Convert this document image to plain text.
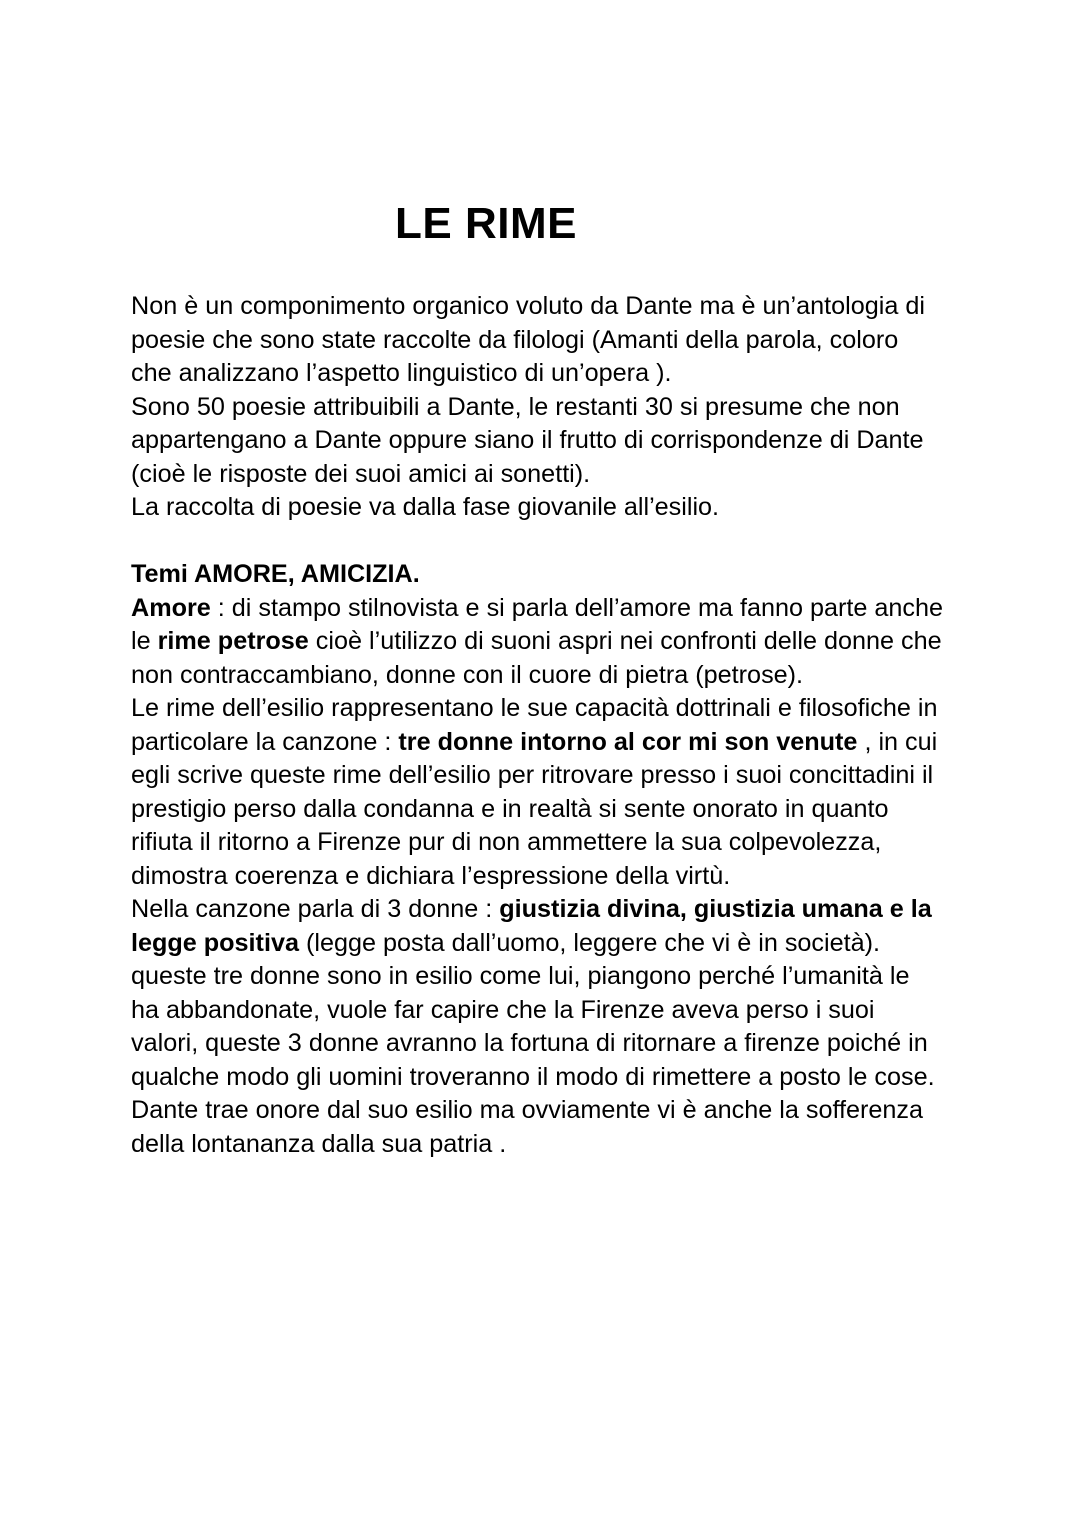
LE RIME
Non è un componimento organico voluto da Dante ma è un’antologia di
poesie che sono state raccolte da filologi (Amanti della parola, coloro
che analizzano l’aspetto linguistico di un’opera ).
Sono 50 poesie attribuibili a Dante, le restanti 30 si presume che non
appartengano a Dante oppure siano il frutto di corrispondenze di Dante
(cioè le risposte dei suoi amici ai sonetti).
La raccolta di poesie va dalla fase giovanile all’esilio.
Temi AMORE, AMICIZIA.
Amore : di stampo stilnovista e si parla dell’amore ma fanno parte anche
le rime petrose cioè l’utilizzo di suoni aspri nei confronti delle donne che
non contraccambiano, donne con il cuore di pietra (petrose).
Le rime dell’esilio rappresentano le sue capacità dottrinali e filosofiche in
particolare la canzone : tre donne intorno al cor mi son venute , in cui
egli scrive queste rime dell’esilio per ritrovare presso i suoi concittadini il
prestigio perso dalla condanna e in realtà si sente onorato in quanto
rifiuta il ritorno a Firenze pur di non ammettere la sua colpevolezza,
dimostra coerenza e dichiara l’espressione della virtù.
Nella canzone parla di 3 donne : giustizia divina, giustizia umana e la
legge positiva (legge posta dall’uomo, leggere che vi è in società).
queste tre donne sono in esilio come lui, piangono perché l’umanità le
ha abbandonate, vuole far capire che la Firenze aveva perso i suoi
valori, queste 3 donne avranno la fortuna di ritornare a firenze poiché in
qualche modo gli uomini troveranno il modo di rimettere a posto le cose.
Dante trae onore dal suo esilio ma ovviamente vi è anche la sofferenza
della lontananza dalla sua patria .
